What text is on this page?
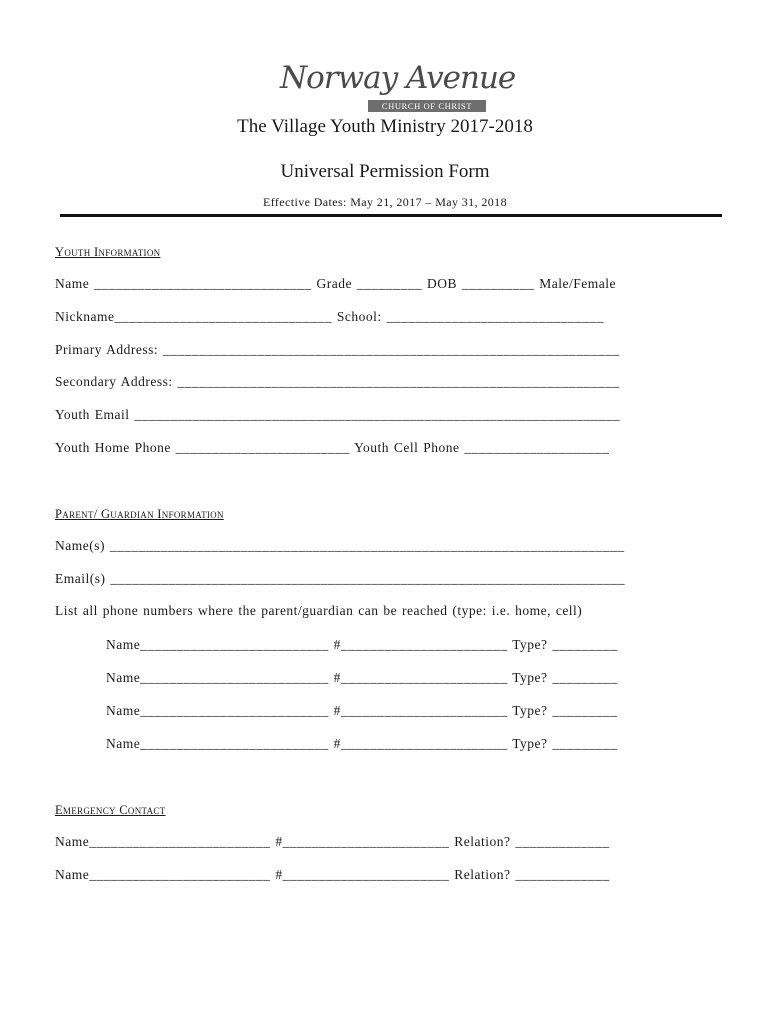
Norway Avenue
CHURCH OF CHRIST
The Village Youth Ministry 2017-2018
Universal Permission Form
Effective Dates: May 21, 2017 – May 31, 2018
Youth Information
Name ______________________________ Grade _________ DOB __________ Male/Female
Nickname______________________________ School: ______________________________
Primary Address: _______________________________________________________________
Secondary Address: _____________________________________________________________
Youth Email ___________________________________________________________________
Youth Home Phone ________________________ Youth Cell Phone ____________________
Parent/ Guardian Information
Name(s) _______________________________________________________________________
Email(s) _______________________________________________________________________
List all phone numbers where the parent/guardian can be reached (type: i.e. home, cell)
Name__________________________ #_______________________ Type? _________
Name__________________________ #_______________________ Type? _________
Name__________________________ #_______________________ Type? _________
Name__________________________ #_______________________ Type? _________
Emergency Contact
Name_________________________ #_______________________ Relation? _____________
Name_________________________ #_______________________ Relation? _____________
